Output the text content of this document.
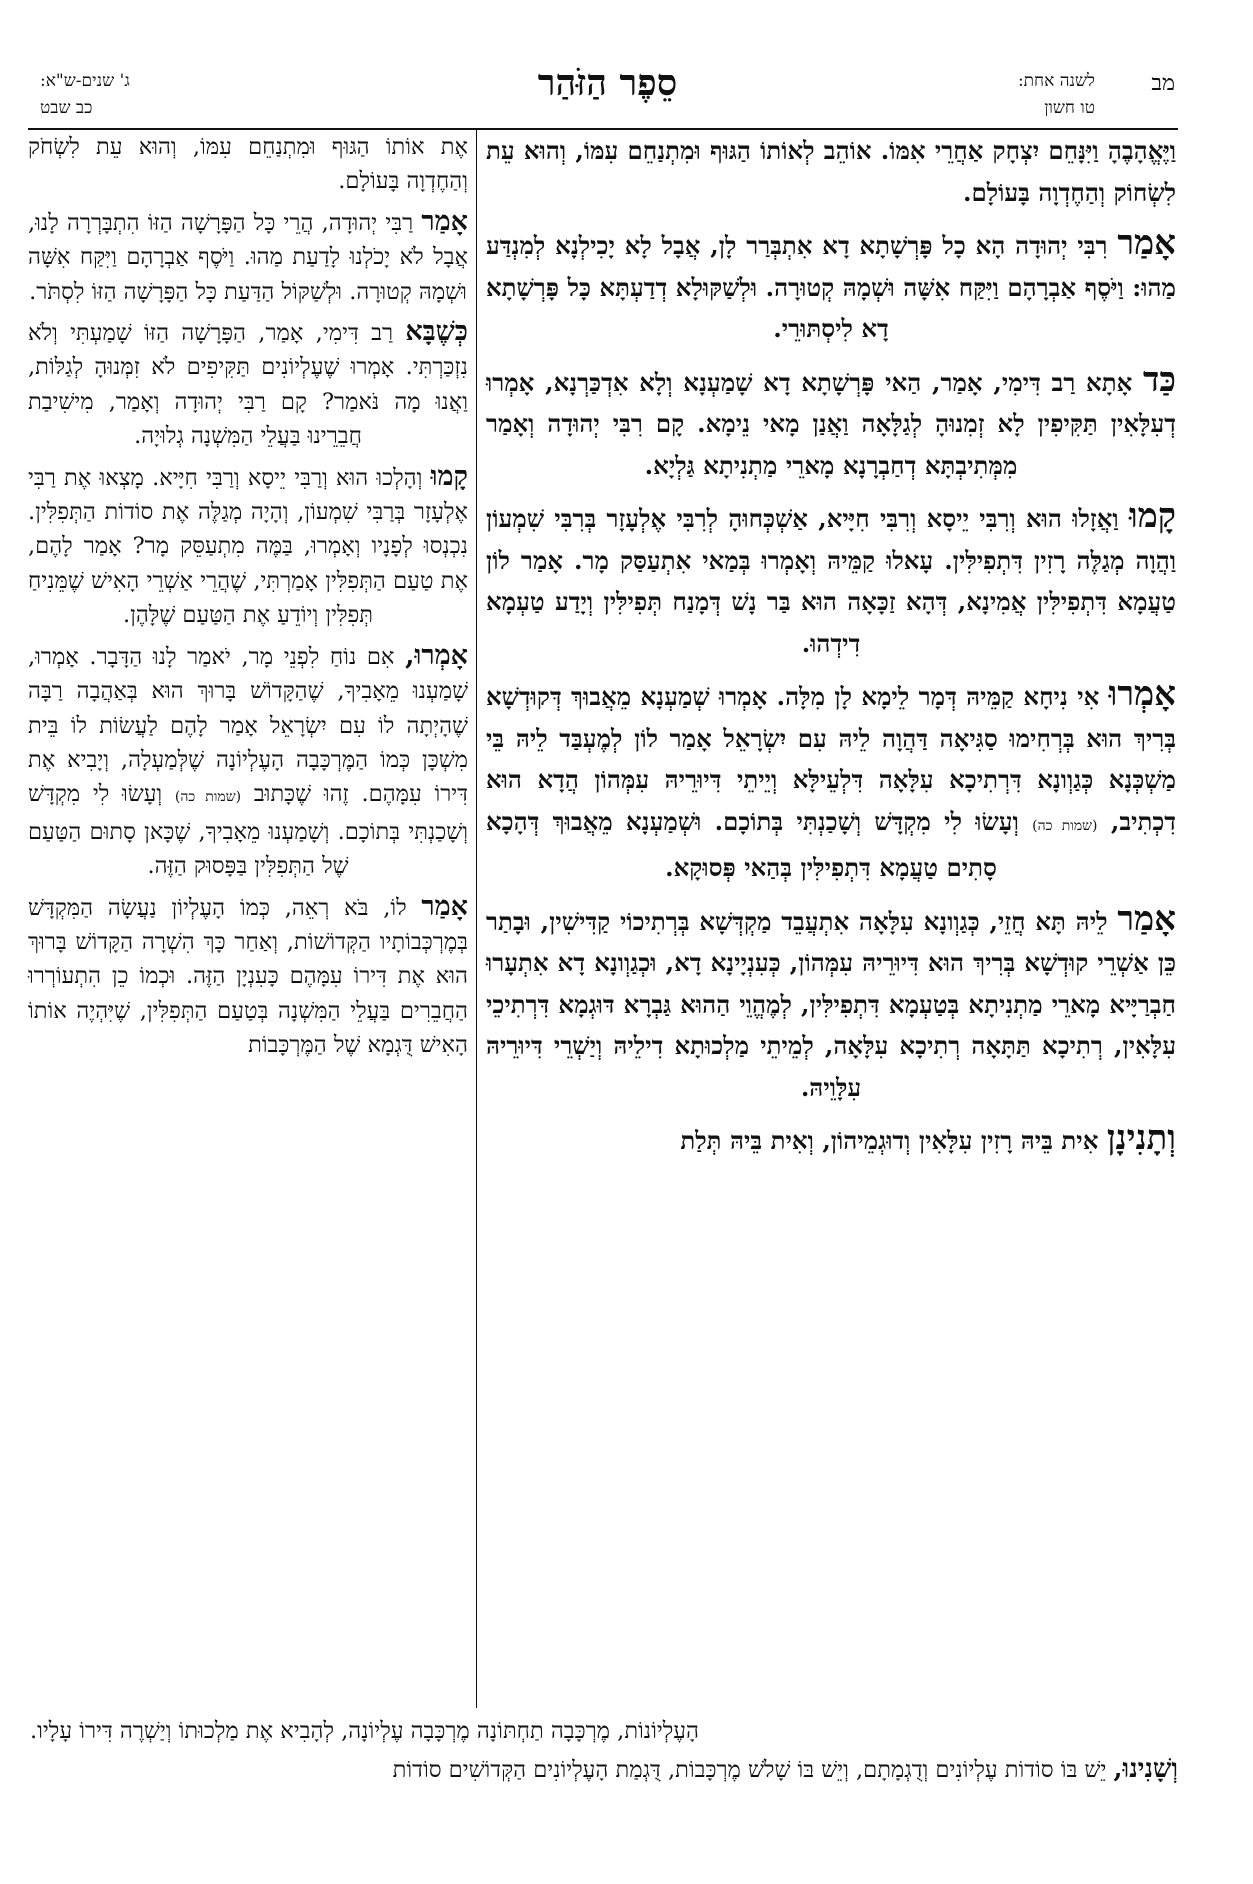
מב
לשנה אחת:
טו חשון
סֵפֶר הַזֹּהַר
ג' שנים-ש"א:
כב שבט

וַיֶּאֱהָבֶהָ וַיִּנָּחֵם יִצְחָק אַחֲרֵי אִמּוֹ. אוֹהֵב לְאוֹתוֹ הַגּוּף וּמִתְנַחֵם עִמּוֹ, וְהוּא עֵת לִשְׂחוֹק וְהַחֶדְוָה בָּעוֹלָם.

אָמַר רִבִּי יְהוּדָה הָא כָל פָּרְשָׁתָא דָא אִתְבְּרַר לָן, אֲבָל לָא יָכִילְנָא לְמִנְדַּע מַהוּ: וַיֹּסֶף אַבְרָהָם וַיִּקַּח אִשָּׁה וּשְׁמָהּ קְטוּרָה. וּלְשַׁקּוּלָא דְדַעְתָּא כָּל פָּרְשָׁתָא דָא לִיסְתּוּרֵי.

כַּד אָתָא רַב דִּימִי, אָמַר, הַאי פָּרְשָׁתָא דָא שָׁמַעְנָא וְלָא אִדְכַּרְנָא, אָמְרוּ דְעִלָּאִין תַּקִּיפִין לָא זְמִנוּהָ לְגַלָּאָה וַאֲנַן מָאי נֵימָא. קָם רִבִּי יְהוּדָה וְאָמַר מִמְּתִיבְתָּא דְחַבְרָנָא מָארֵי מַתְנִיתָא גַּלְיָא.

קָמוּ וַאֲזָלוּ הוּא וְרִבִּי יֵיסָא וְרִבִּי חִיָּיא, אַשְׁכְּחוּהָ לְרִבִּי אֶלְעָזָר בְּרִבִּי שִׁמְעוֹן וַהֲוָה מְגַלֶּה רָזִין דִּתְפִילִּין. עָאלוּ קַמֵּיהּ וְאָמְרוּ בְּמַאי אִתְעַסַּק מָר. אָמַר לוֹן טַעֲמָא דִּתְפִילִּין אֲמִינָא, דְּהָא זַכָּאָה הוּא בַּר נָשׁ דְּמָנַח תְּפִילִּין וְיָדַע טַעְמָא דִידְהוּ.

אָמְרוּ אִי נִיחָא קַמֵּיהּ דְּמָר לֵימָא לָן מִלָּה. אָמְרוּ שְׁמַעְנָא מֵאֲבוּךְ דְּקוּדְשָׁא בְּרִיךְ הוּא בְּרְחִימוּ סַגִּיאָה דַּהֲוָה לֵיהּ עִם יִשְׂרָאֵל אָמַר לוֹן לְמֶעְבַּד לֵיהּ בֵּי מַשְׁכְּנָא כְּגַוְונָא דִּרְתִיכָא עִלָּאָה דִּלְעֵילָּא וְיֵיתֵי דִּיוּרֵיהּ עִמְּהוֹן הֲדָא הוּא דִכְתִיב, (שמות כה) וְעָשׂוּ לִי מִקְדָּשׁ וְשָׁכַנְתִּי בְּתוֹכָם. וּשְׁמַעְנָא מֵאֲבוּךְ דְּהָכָא סָתִים טַעֲמָא דִּתְפִילִּין בְּהַאי פְּסוּקָא.

אָמַר לֵיהּ תָּא חֲזֵי, כְּגַוְונָא עִלָּאָה אִתְעֲבֵד מַקְדְּשָׁא בְּרְתִיכוֹי קַדִּישִׁין, וּבָתַר כֵּן אַשְׁרֵי קוּדְשָׁא בְּרִיךְ הוּא דִּיוּרֵיהּ עִמְּהוֹן, כְּעִנְיָינָא דָא, וּכְגַוְונָא דָא אִתְעָרוּ חַבְרַיָּיא מָארֵי מַתְנִיתָא בְּטַעְמָא דִּתְפִילִּין, לְמֶהֱוֵי הַהוּא גַּבְרָא דּוּגְמָא דִּרְתִיכֵי עִלָּאִין, רְתִיכָא תַּתָּאָה רְתִיכָא עִלָּאָה, לְמֵיתֵי מַלְכוּתָא דִילֵיהּ וְיַשְׁרֵי דִּיוּרֵיהּ עִלָּוֵיהּ.

וְתָנִינָן אִית בֵּיהּ רָזִין עִלָּאִין וְדוּגְמֵיהוֹן, וְאִית בֵּיהּ תְּלַת

אֶת אוֹתוֹ הַגּוּף וּמִתְנַחֵם עִמּוֹ, וְהוּא עֵת לִשְׂחֹק וְהַחֶדְוָה בָּעוֹלָם.

אָמַר רַבִּי יְהוּדָה, הֲרֵי כָּל הַפָּרָשָׁה הַזּוֹ הִתְבָּרְרָה לָנוּ, אֲבָל לֹא יָכֹלְנוּ לָדַעַת מַהוּ. וַיֹּסֶף אַבְרָהָם וַיִּקַּח אִשָּׁה וּשְׁמָהּ קְטוּרָה. וּלְשַׁקּוֹל הַדַּעַת כָּל הַפָּרָשָׁה הַזּוֹ לִסְתֹּר.

כְּשֶׁבָּא רַב דִּימִי, אָמַר, הַפָּרָשָׁה הַזּוֹ שָׁמַעְתִּי וְלֹא נִזְכַּרְתִּי. אָמְרוּ שֶׁעֶלְיוֹנִים תַּקִּיפִים לֹא זִמְּנוּהָ לְגַלּוֹת, וַאֲנוּ מָה נֹּאמַר? קָם רַבִּי יְהוּדָה וְאָמַר, מִישִׁיבַת חֲבֵרֵינוּ בַּעֲלֵי הַמִּשְׁנָה גְלוּיָה.

קָמוּ וְהָלְכוּ הוּא וְרַבִּי יֵיסָא וְרַבִּי חִיָּיא. מָצְאוּ אֶת רַבִּי אֶלְעָזָר בְּרַבִּי שִׁמְעוֹן, וְהָיָה מְגַלֶּה אֶת סוֹדוֹת הַתְּפִלִּין. נִכְנְסוּ לְפָנָיו וְאָמְרוּ, בַּמֶּה מִתְעַסֵּק מָר? אָמַר לָהֶם, אֶת טַעַם הַתְּפִלִּין אָמַרְתִּי, שֶׁהֲרֵי אַשְׁרֵי הָאִישׁ שֶׁמֵּנִיחַ תְּפִלִּין וְיוֹדֵעַ אֶת הַטַּעַם שֶׁלָּהֶן.

אָמְרוּ, אִם נוֹחַ לִפְנֵי מָר, יֹאמַר לָנוּ הַדָּבָר. אָמְרוּ, שָׁמַעְנוּ מֵאָבִיךָ, שֶׁהַקָּדוֹשׁ בָּרוּךְ הוּא בְּאַהֲבָה רַבָּה שֶׁהָיְתָה לוֹ עִם יִשְׂרָאֵל אָמַר לָהֶם לַעֲשׂוֹת לוֹ בֵּית מִשְׁכָּן כְּמוֹ הַמֶּרְכָּבָה הָעֶלְיוֹנָה שֶׁלְּמַעְלָה, וְיָבִיא אֶת דִּירוֹ עִמָּהֶם. זֶהוּ שֶׁכָּתוּב (שמות כה) וְעָשׂוּ לִי מִקְדָּשׁ וְשָׁכַנְתִּי בְּתוֹכָם. וְשָׁמַעְנוּ מֵאָבִיךָ, שֶׁכָּאן סָתוּם הַטַּעַם שֶׁל הַתְּפִלִּין בַּפָּסוּק הַזֶּה.

אָמַר לוֹ, בֹּא רְאֵה, כְּמוֹ הָעֶלְיוֹן נַעֲשָׂה הַמִּקְדָּשׁ בְּמֶרְכְּבוֹתָיו הַקְּדוֹשׁוֹת, וְאַחַר כָּךְ הִשְׁרָה הַקָּדוֹשׁ בָּרוּךְ הוּא אֶת דִּירוֹ עִמָּהֶם כָּעִנְיָן הַזֶּה. וּכְמוֹ כֵן הִתְעוֹרְרוּ הַחֲבֵרִים בַּעֲלֵי הַמִּשְׁנָה בְּטַעַם הַתְּפִלִּין, שֶׁיִּהְיֶה אוֹתוֹ הָאִישׁ דֻּגְמָא שֶׁל הַמֶּרְכָּבוֹת

הָעֶלְיוֹנוֹת, מֶרְכָּבָה תַחְתּוֹנָה מֶרְכָּבָה עֶלְיוֹנָה, לְהָבִיא אֶת מַלְכוּתוֹ וְיַשְׁרֶה דִּירוֹ עָלָיו.

וְשָׁנִינוּ, יֵשׁ בּוֹ סוֹדוֹת עֶלְיוֹנִים וְדֻגְמָתָם, וְיֵשׁ בּוֹ שָׁלֹשׁ מֶרְכָּבוֹת, דֻּגְמַת הָעֶלְיוֹנִים הַקְּדוֹשִׁים סוֹדוֹת
